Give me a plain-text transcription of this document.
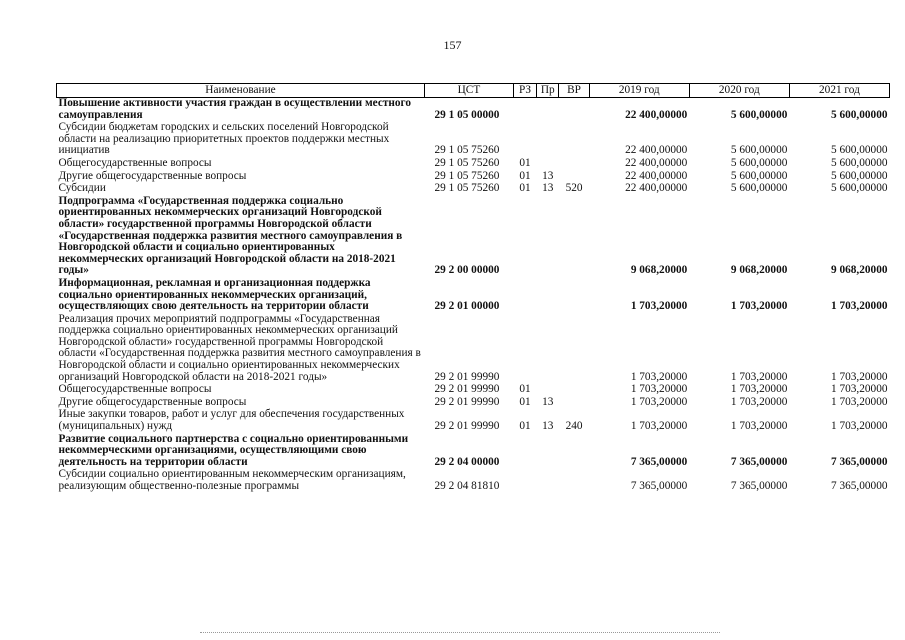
157
Наименование	ЦСТ	РЗ	Пр	ВР	2019 год	2020 год	2021 год
Повышение активности участия граждан в осуществлении местного самоуправления	29 1 05 00000				22 400,00000	5 600,00000	5 600,00000
Субсидии бюджетам городских и сельских поселений Новгородской области на реализацию приоритетных проектов поддержки местных инициатив	29 1 05 75260				22 400,00000	5 600,00000	5 600,00000
Общегосударственные вопросы	29 1 05 75260	01			22 400,00000	5 600,00000	5 600,00000
Другие общегосударственные вопросы	29 1 05 75260	01	13		22 400,00000	5 600,00000	5 600,00000
Субсидии	29 1 05 75260	01	13	520	22 400,00000	5 600,00000	5 600,00000
Подпрограмма «Государственная поддержка социально ориентированных некоммерческих организаций Новгородской области» государственной программы Новгородской области «Государственная поддержка развития местного самоуправления в Новгородской области и социально ориентированных некоммерческих организаций Новгородской области на 2018-2021 годы»	29 2 00 00000				9 068,20000	9 068,20000	9 068,20000
Информационная, рекламная и организационная поддержка социально ориентированных некоммерческих организаций, осуществляющих свою деятельность на территории области	29 2 01 00000				1 703,20000	1 703,20000	1 703,20000
Реализация прочих мероприятий подпрограммы «Государственная поддержка социально ориентированных некоммерческих организаций Новгородской области» государственной программы Новгородской области «Государственная поддержка развития местного самоуправления в Новгородской области и социально ориентированных некоммерческих организаций Новгородской области на 2018-2021 годы»	29 2 01 99990				1 703,20000	1 703,20000	1 703,20000
Общегосударственные вопросы	29 2 01 99990	01			1 703,20000	1 703,20000	1 703,20000
Другие общегосударственные вопросы	29 2 01 99990	01	13		1 703,20000	1 703,20000	1 703,20000
Иные закупки товаров, работ и услуг для обеспечения государственных (муниципальных) нужд	29 2 01 99990	01	13	240	1 703,20000	1 703,20000	1 703,20000
Развитие социального партнерства с социально ориентированными некоммерческими организациями, осуществляющими свою деятельность на территории области	29 2 04 00000				7 365,00000	7 365,00000	7 365,00000
Субсидии социально ориентированным некоммерческим организациям, реализующим общественно-полезные программы	29 2 04 81810				7 365,00000	7 365,00000	7 365,00000
